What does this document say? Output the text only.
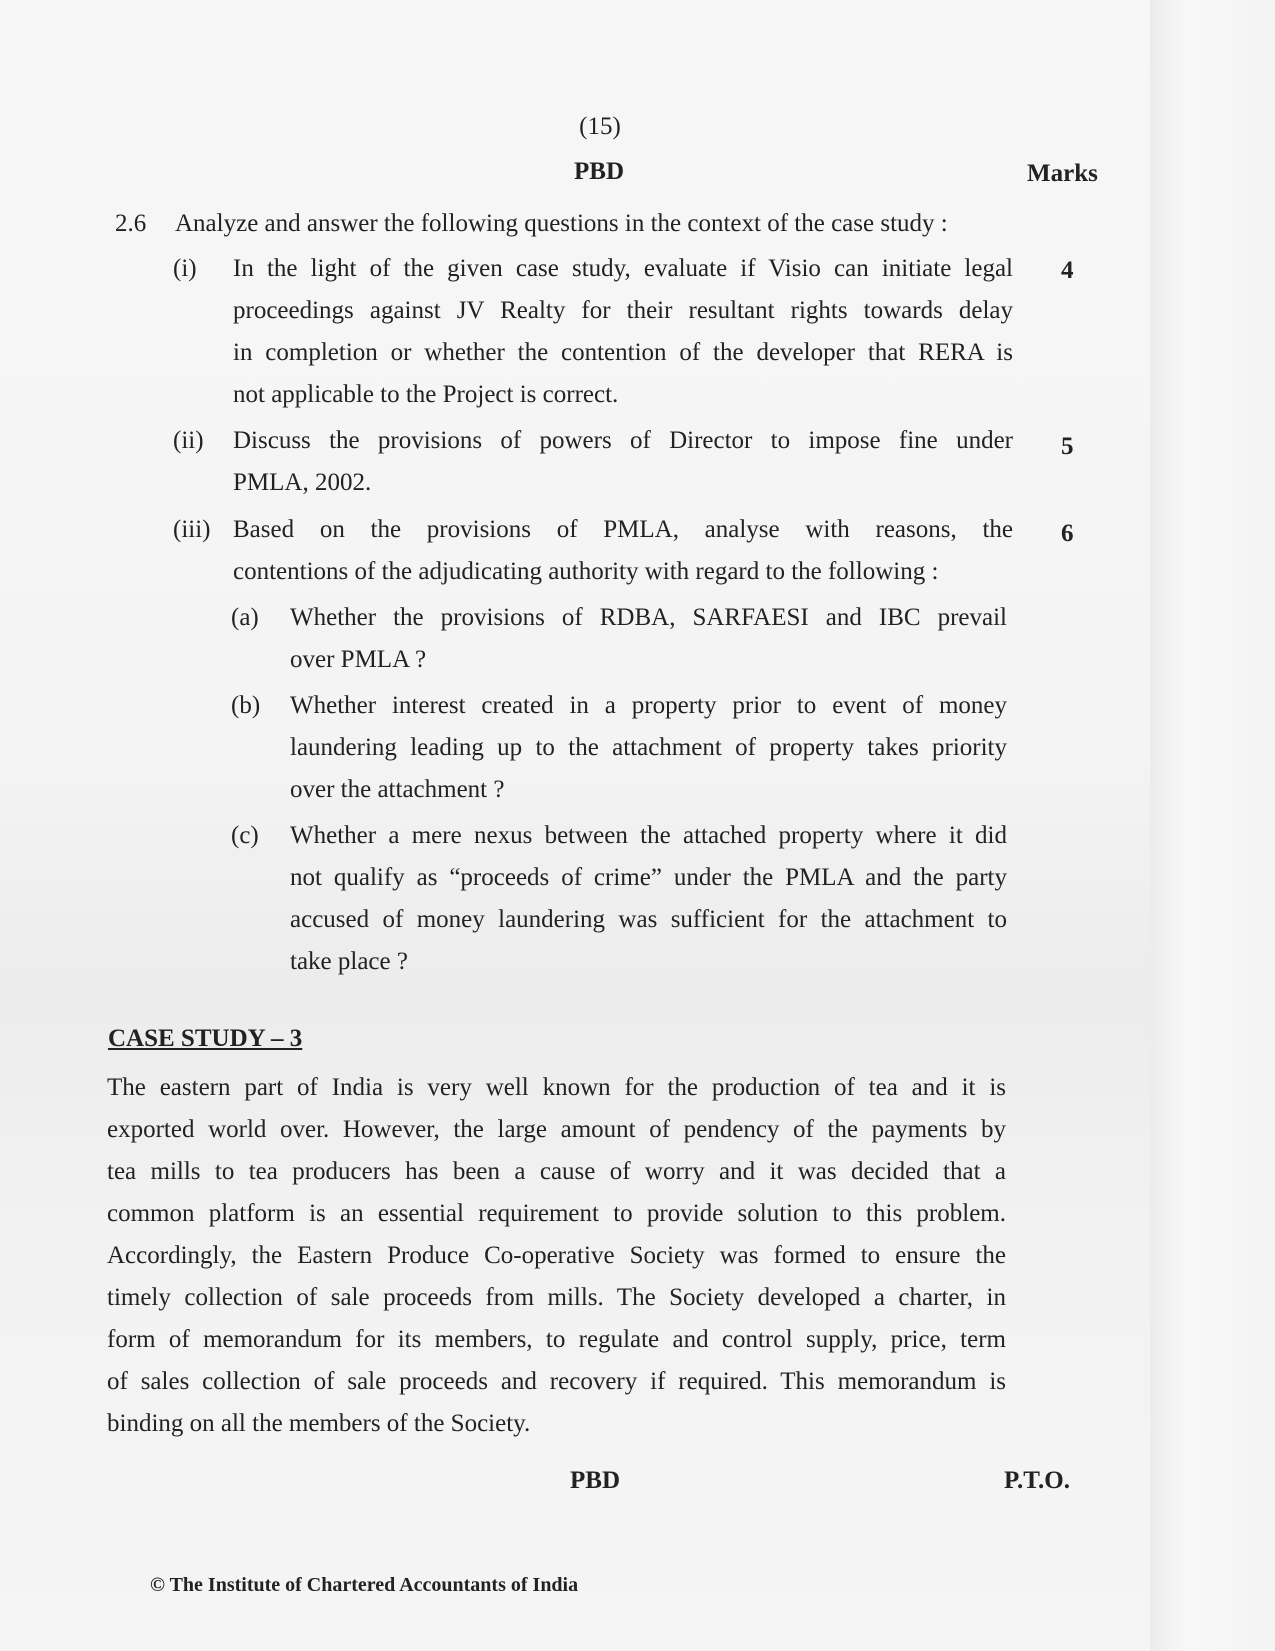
(15)
PBD	Marks
2.6 Analyze and answer the following questions in the context of the case study :
(i)	4
In the light of the given case study, evaluate if Visio can initiate legal
proceedings against JV Realty for their resultant rights towards delay
in completion or whether the contention of the developer that RERA is
not applicable to the Project is correct.
(ii)	5
Discuss the provisions of powers of Director to impose fine under
PMLA, 2002.
(iii)	6
Based on the provisions of PMLA, analyse with reasons, the
contentions of the adjudicating authority with regard to the following :
(a) Whether the provisions of RDBA, SARFAESI and IBC prevail
over PMLA ?
(b) Whether interest created in a property prior to event of money
laundering leading up to the attachment of property takes priority
over the attachment ?
(c) Whether a mere nexus between the attached property where it did
not qualify as “proceeds of crime” under the PMLA and the party
accused of money laundering was sufficient for the attachment to
take place ?
CASE STUDY – 3
The eastern part of India is very well known for the production of tea and it is
exported world over. However, the large amount of pendency of the payments by
tea mills to tea producers has been a cause of worry and it was decided that a
common platform is an essential requirement to provide solution to this problem.
Accordingly, the Eastern Produce Co-operative Society was formed to ensure the
timely collection of sale proceeds from mills. The Society developed a charter, in
form of memorandum for its members, to regulate and control supply, price, term
of sales collection of sale proceeds and recovery if required. This memorandum is
binding on all the members of the Society.
PBD	P.T.O.
© The Institute of Chartered Accountants of India
